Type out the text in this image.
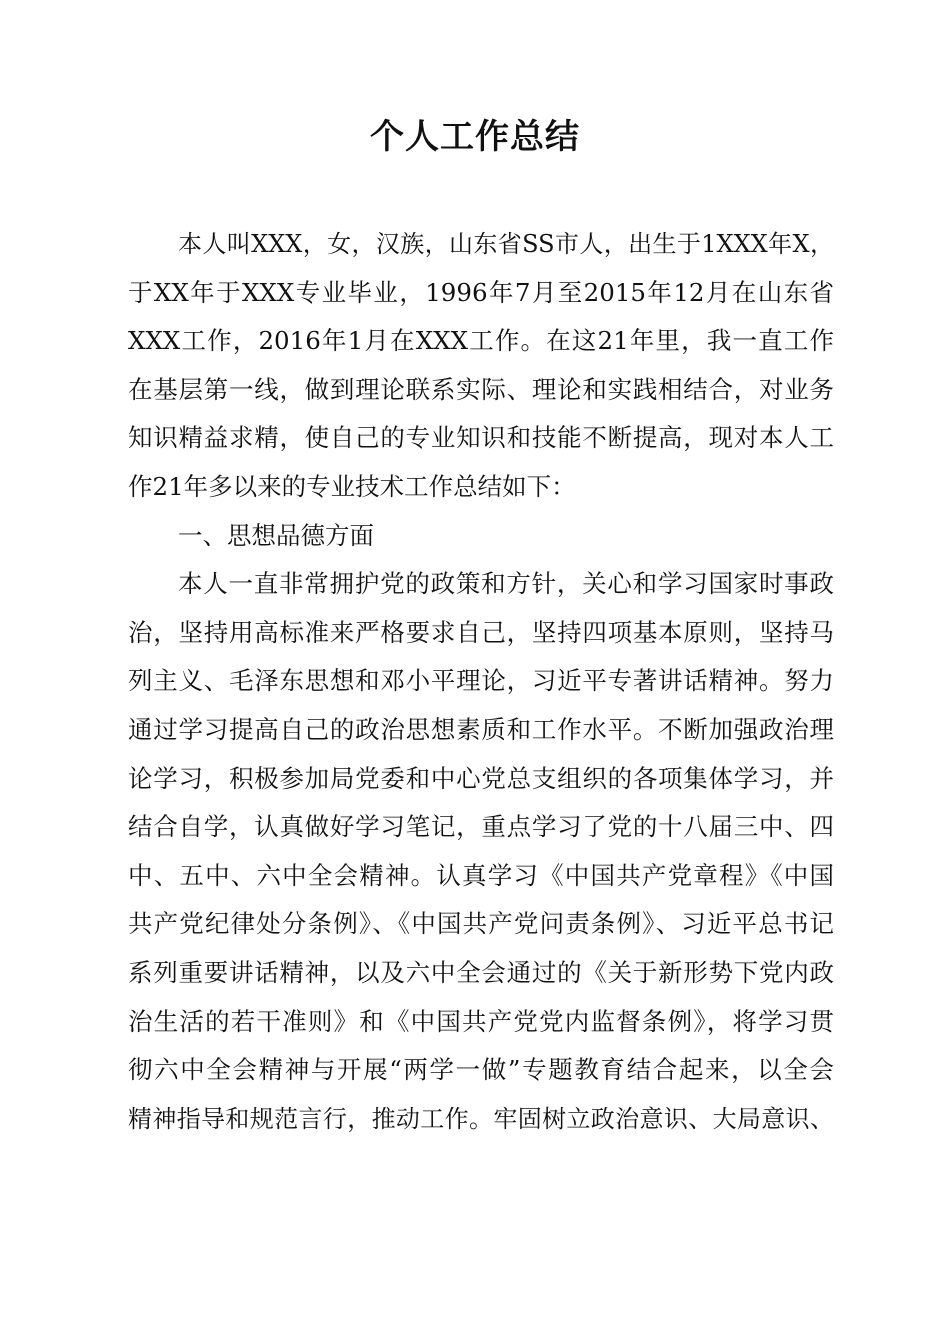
个人工作总结
本人叫XXX，女，汉族，山东省SS市人，出生于1XXX年X，
于XX年于XXX专业毕业，1996年7月至2015年12月在山东省
XXX工作，2016年1月在XXX工作。在这21年里，我一直工作
在基层第一线，做到理论联系实际、理论和实践相结合，对业务
知识精益求精，使自己的专业知识和技能不断提高，现对本人工
作21年多以来的专业技术工作总结如下：
一、思想品德方面
本人一直非常拥护党的政策和方针，关心和学习国家时事政
治，坚持用高标准来严格要求自己，坚持四项基本原则，坚持马
列主义、毛泽东思想和邓小平理论，习近平专著讲话精神。努力
通过学习提高自己的政治思想素质和工作水平。不断加强政治理
论学习，积极参加局党委和中心党总支组织的各项集体学习，并
结合自学，认真做好学习笔记，重点学习了党的十八届三中、四
中、五中、六中全会精神。认真学习《中国共产党章程》《中国
共产党纪律处分条例》、《中国共产党问责条例》、习近平总书记
系列重要讲话精神，以及六中全会通过的《关于新形势下党内政
治生活的若干准则》和《中国共产党党内监督条例》，将学习贯
彻六中全会精神与开展“两学一做”专题教育结合起来，以全会
精神指导和规范言行，推动工作。牢固树立政治意识、大局意识、
